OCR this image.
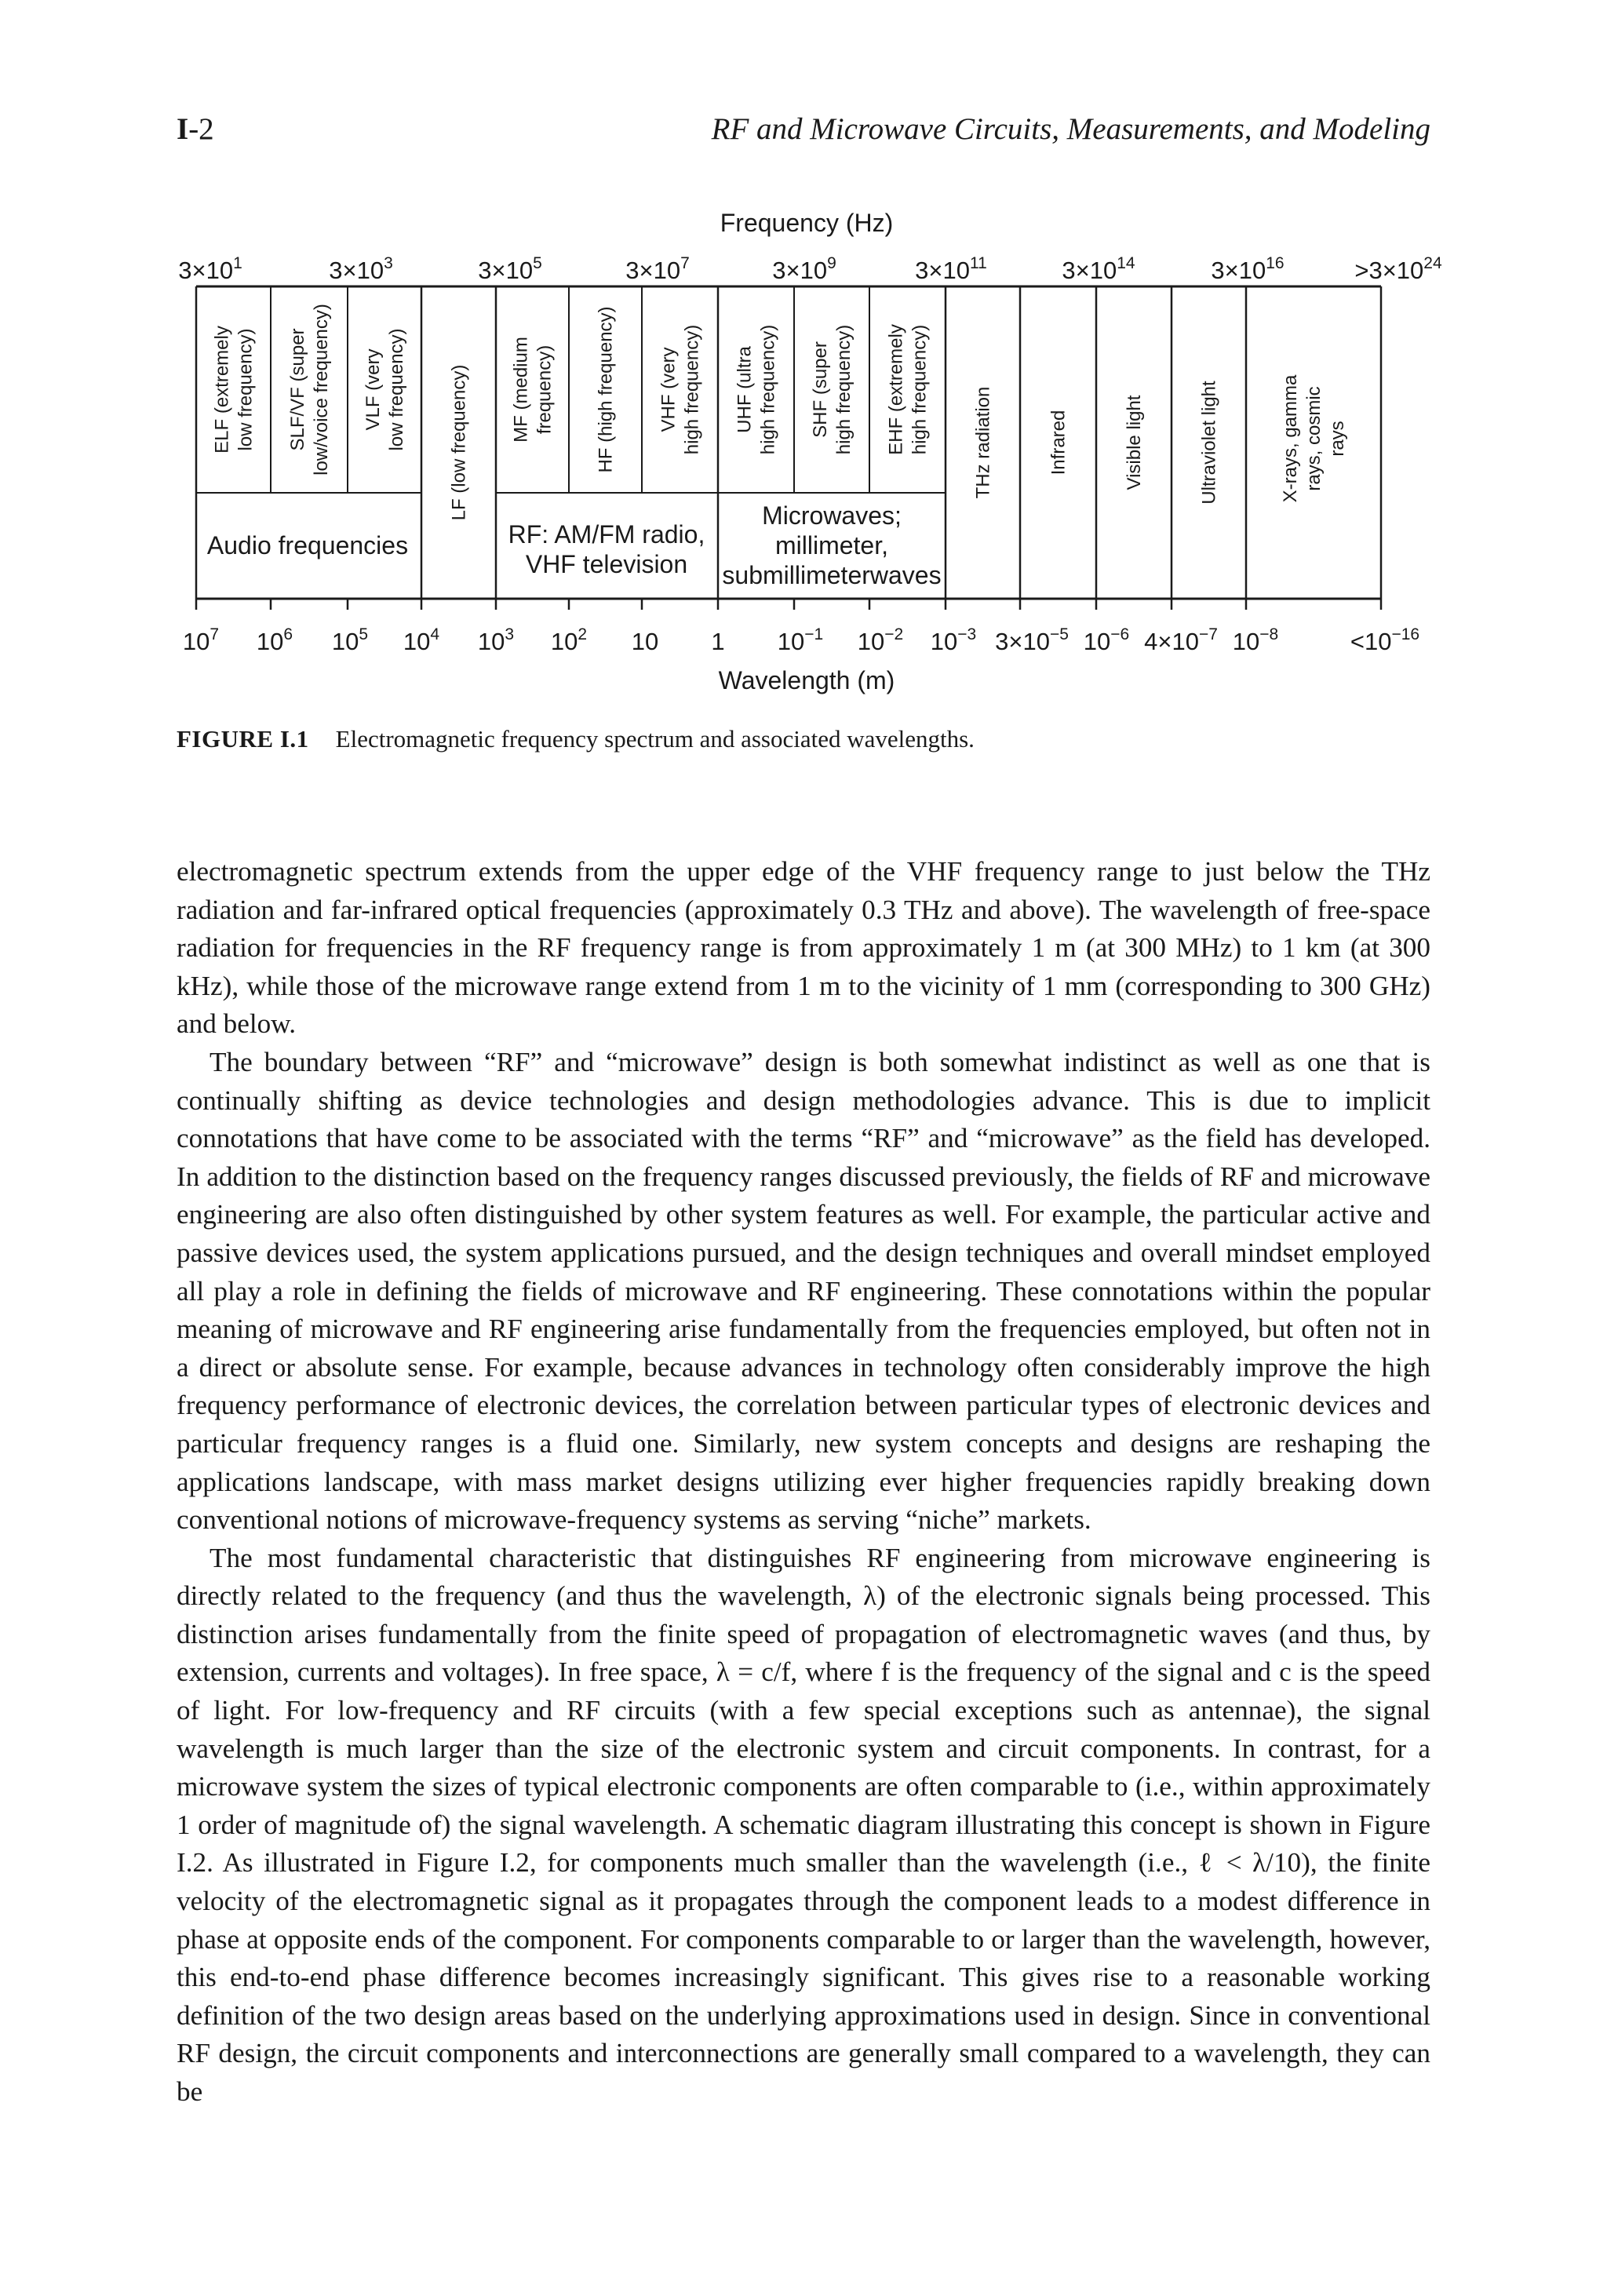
I-2	RF and Microwave Circuits, Measurements, and Modeling
Frequency (Hz)
Wavelength (m)
$3\times 10^1$	$3\times 10^3$	$3\times 10^5$	$3\times 10^7$	$3\times 10^9$	$3\times 10^{11}$	$3\times 10^{14}$	$3\times 10^{16}$	$>3\times 10^{24}$
ELF (extremely low frequency) SLF/VF (super low/voice frequency) VLF (very low frequency) LF (low frequency) MF (medium frequency) HF (high frequency) VHF (very high frequency) UHF (ultra high frequency) SHF (super high frequency) EHF (extremely high frequency) THz radiation	Infrared	Visible light	Ultraviolet light	X-rays, gamma rays, cosmic rays
Audio frequencies	RF: AM/FM radio, VHF television
Microwaves; millimeter, submillimeterwaves
$10^7$ $10^6$ $10^5$ $10^4$ $10^3$ $10^2$ 10 1 $10^{-1}$ $10^{-2}$ $10^{-3}$ $3\times 10^{-5}$ $10^{-6}$ $4\times 10^{-7}$ $10^{-8}$	$<10^{-16}$
FIGURE I.1 Electromagnetic frequency spectrum and associated wavelengths.

electromagnetic spectrum extends from the upper edge of the VHF frequency range to just below the THz radiation and far-infrared optical frequencies (approximately 0.3 THz and above). The wavelength of free-space radiation for frequencies in the RF frequency range is from approximately 1 m (at 300 MHz) to 1 km (at 300 kHz), while those of the microwave range extend from 1 m to the vicinity of 1 mm (corresponding to 300 GHz) and below.

The boundary between “RF” and “microwave” design is both somewhat indistinct as well as one that is continually shifting as device technologies and design methodologies advance. This is due to implicit connotations that have come to be associated with the terms “RF” and “microwave” as the field has developed. In addition to the distinction based on the frequency ranges discussed previously, the fields of RF and microwave engineering are also often distinguished by other system features as well. For example, the particular active and passive devices used, the system applications pursued, and the design techniques and overall mindset employed all play a role in defining the fields of microwave and RF engineering. These connotations within the popular meaning of microwave and RF engineering arise fundamentally from the frequencies employed, but often not in a direct or absolute sense. For example, because advances in technology often considerably improve the high frequency performance of electronic devices, the correlation between particular types of electronic devices and particular frequency ranges is a fluid one. Similarly, new system concepts and designs are reshaping the applications landscape, with mass market designs utilizing ever higher frequencies rapidly breaking down conventional notions of microwave-frequency systems as serving “niche” markets.

The most fundamental characteristic that distinguishes RF engineering from microwave engineering is directly related to the frequency (and thus the wavelength, λ) of the electronic signals being processed. This distinction arises fundamentally from the finite speed of propagation of electromagnetic waves (and thus, by extension, currents and voltages). In free space, λ = c/f, where f is the frequency of the signal and c is the speed of light. For low-frequency and RF circuits (with a few special exceptions such as antennae), the signal wavelength is much larger than the size of the electronic system and circuit components. In contrast, for a microwave system the sizes of typical electronic components are often comparable to (i.e., within approximately 1 order of magnitude of) the signal wavelength. A schematic diagram illustrating this concept is shown in Figure I.2. As illustrated in Figure I.2, for components much smaller than the wavelength (i.e., ℓ < λ/10), the finite velocity of the electromagnetic signal as it propagates through the component leads to a modest difference in phase at opposite ends of the component. For components comparable to or larger than the wavelength, however, this end-to-end phase difference becomes increasingly significant. This gives rise to a reasonable working definition of the two design areas based on the underlying approximations used in design. Since in conventional RF design, the circuit components and interconnections are generally small compared to a wavelength, they can be
